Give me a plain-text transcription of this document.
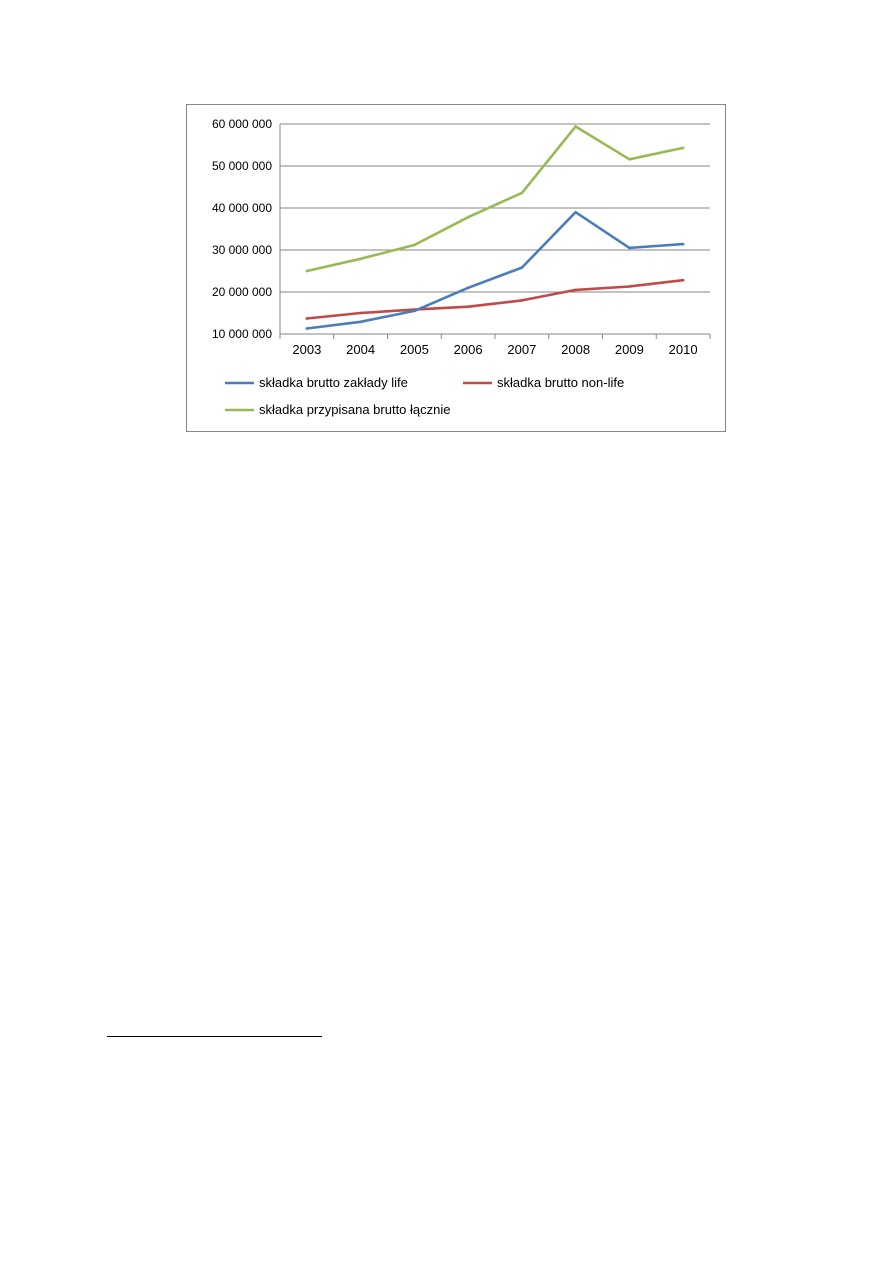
10 000 000
20 000 000
30 000 000
40 000 000
50 000 000
60 000 000
2003 2004 2005 2006 2007 2008 2009 2010
składka brutto zakłady life	składka brutto non-life
składka przypisana brutto łącznie
